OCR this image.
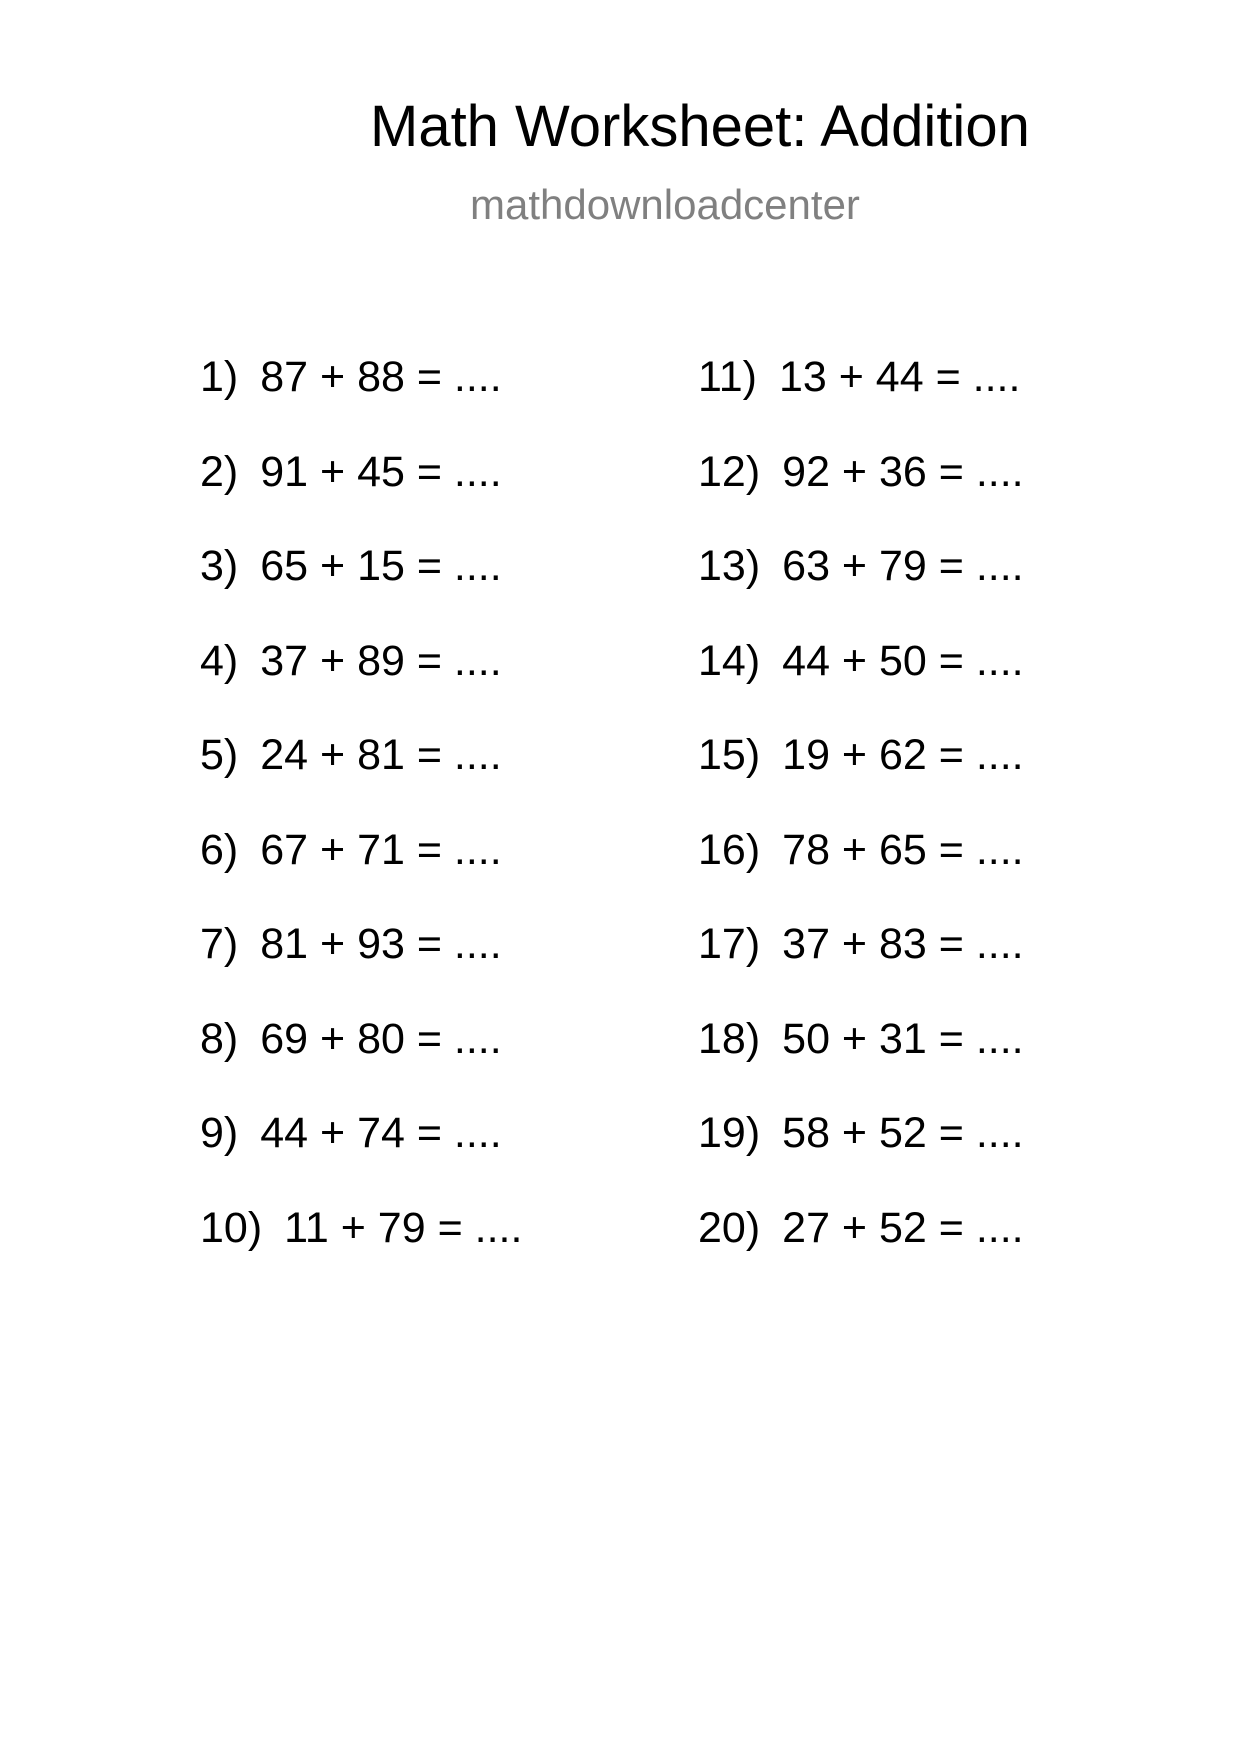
Math Worksheet: Addition
mathdownloadcenter
1) 87 + 88 = ....
2) 91 + 45 = ....
3) 65 + 15 = ....
4) 37 + 89 = ....
5) 24 + 81 = ....
6) 67 + 71 = ....
7) 81 + 93 = ....
8) 69 + 80 = ....
9) 44 + 74 = ....
10) 11 + 79 = ....
11) 13 + 44 = ....
12) 92 + 36 = ....
13) 63 + 79 = ....
14) 44 + 50 = ....
15) 19 + 62 = ....
16) 78 + 65 = ....
17) 37 + 83 = ....
18) 50 + 31 = ....
19) 58 + 52 = ....
20) 27 + 52 = ....
